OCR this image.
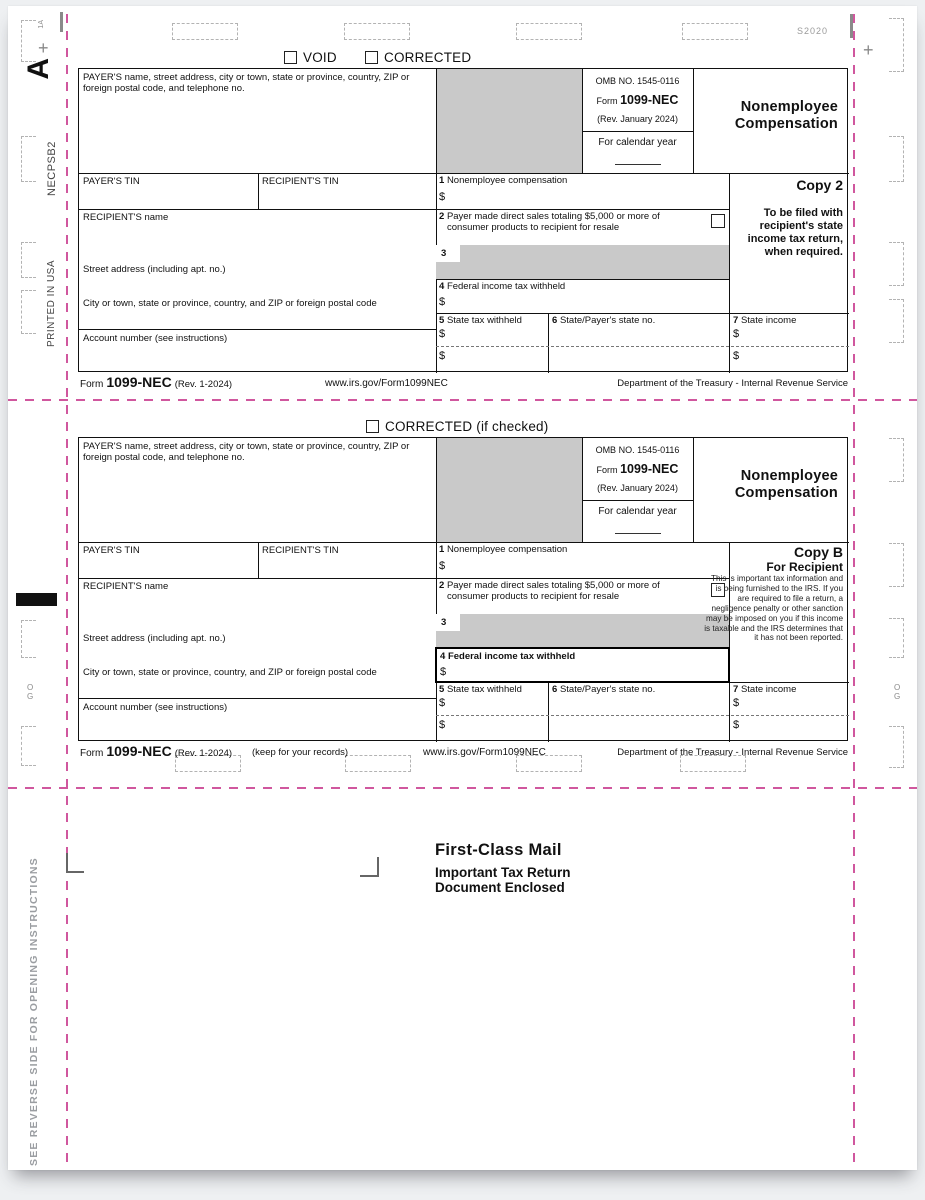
1A
+
A
+
S2020
NECPSB2
PRINTED IN USA
O
G
O
G
SEE REVERSE SIDE FOR OPENING INSTRUCTIONS
VOID	CORRECTED
PAYER'S name, street address, city or town, state or province, country, ZIP or foreign postal code, and telephone no.
OMB NO. 1545-0116
Form 1099-NEC
(Rev. January 2024)
For calendar year
Nonemployee
Compensation
PAYER'S TIN	RECIPIENT'S TIN
RECIPIENT'S name
Street address (including apt. no.)
City or town, state or province, country, and ZIP or foreign postal code
Account number (see instructions)
1 Nonemployee compensation
$
2 Payer made direct sales totaling $5,000 or more of consumer products to recipient for resale
3
4 Federal income tax withheld
$
5 State tax withheld	6 State/Payer's state no.	7 State income
$
$
$
$
Copy 2
To be filed with recipient's state income tax return, when required.
Form 1099-NEC (Rev. 1-2024)	www.irs.gov/Form1099NEC	Department of the Treasury - Internal Revenue Service
CORRECTED (if checked)
PAYER'S name, street address, city or town, state or province, country, ZIP or foreign postal code, and telephone no.
OMB NO. 1545-0116
Form 1099-NEC
(Rev. January 2024)
For calendar year
Nonemployee
Compensation
PAYER'S TIN	RECIPIENT'S TIN
RECIPIENT'S name
Street address (including apt. no.)
City or town, state or province, country, and ZIP or foreign postal code
Account number (see instructions)
1 Nonemployee compensation
$
2 Payer made direct sales totaling $5,000 or more of consumer products to recipient for resale
3
4 Federal income tax withheld
$
5 State tax withheld	6 State/Payer's state no.	7 State income
$
$
$
$
Copy B
For Recipient
This is important tax information and is being furnished to the IRS. If you are required to file a return, a negligence penalty or other sanction may be imposed on you if this income is taxable and the IRS determines that it has not been reported.
Form 1099-NEC (Rev. 1-2024) (keep for your records)	www.irs.gov/Form1099NEC	Department of the Treasury - Internal Revenue Service
First-Class Mail
Important Tax Return
Document Enclosed
